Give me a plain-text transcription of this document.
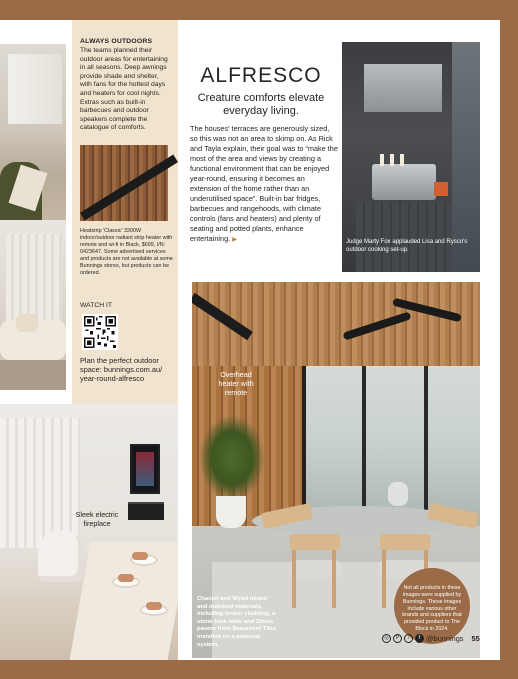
Sleek electric fireplace
ALWAYS OUTDOORS
The teams planned their outdoor areas for entertaining in all seasons. Deep awnings provide shade and shelter, with fans for the hottest days and heaters for cool nights. Extras such as built-in barbecues and outdoor speakers complete the catalogue of comforts.
Heatstrip 'Classic' 3200W indoor/outdoor radiant strip heater with remote and wi-fi in Black, $699, I/N: 0423647. Some advertised services and products are not available at some Bunnings stores, but products can be ordered.
WATCH IT
Plan the perfect outdoor space: bunnings.com.au/ year-round-alfresco
ALFRESCO
Creature comforts elevate everyday living.
The houses' terraces are generously sized, so this was not an area to skimp on. As Rick and Tayla explain, their goal was to “make the most of the area and views by creating a functional environment that can be enjoyed year-round, ensuring it becomes an extension of the home rather than an underutilised space”. Built-in bar fridges, barbecues and rangehoods, with climate controls (fans and heaters) and plenty of seating and potted plants, enhance entertaining. ▶	Judge Marty Fox applauded Lisa and Rysco's outdoor cooking set-up.
Overhead heater with remote
Chantel and Wyatt mixed and matched materials, including timber cladding, a stone-look table and 20mm pavers from Beaumont Tiles installed on a pedestal system.
Not all products in these images were supplied by Bunnings. These images include various other brands and suppliers that provided product to The Block in 2024.
◎	P	♪	f @bunnings 55
